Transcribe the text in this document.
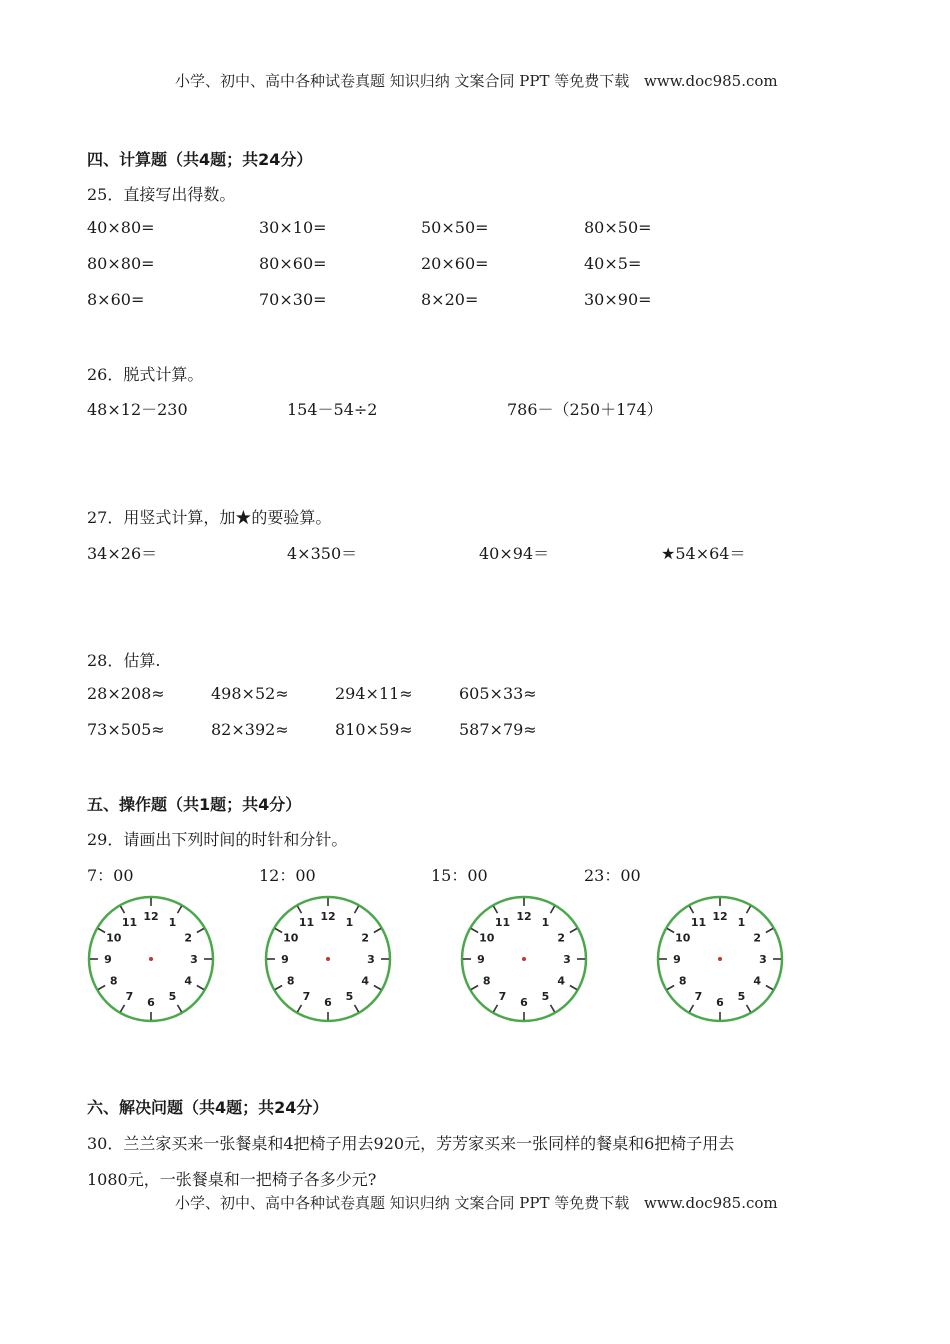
小学、初中、高中各种试卷真题 知识归纳 文案合同 PPT 等免费下载 www.doc985.com
四、计算题（共4题；共24分）
25．直接写出得数。
40×80=	30×10=	50×50=	80×50=
80×80=	80×60=	20×60=	40×5=
8×60=	70×30=	8×20=	30×90=
26．脱式计算。
48×12－230	154－54÷2	786－（250＋174）
27．用竖式计算，加★的要验算。
34×26＝	4×350＝	40×94＝	★54×64＝
28．估算.
28×208≈	498×52≈	294×11≈	605×33≈
73×505≈	82×392≈	810×59≈	587×79≈
五、操作题（共1题；共4分）
29．请画出下列时间的时针和分针。
7：00	12：00	15：00	23：00
12 1
2
3
4
5
6
7
8
9
10
11	12 1
2
3
4
5
6
7
8
9
10
11	12 1
2
3
4
5
6
7
8
9
10
11	12 1
2
3
4
5
6
7
8
9
10
11
六、解决问题（共4题；共24分）
30．兰兰家买来一张餐桌和4把椅子用去920元，芳芳家买来一张同样的餐桌和6把椅子用去
1080元，一张餐桌和一把椅子各多少元?
小学、初中、高中各种试卷真题 知识归纳 文案合同 PPT 等免费下载 www.doc985.com
